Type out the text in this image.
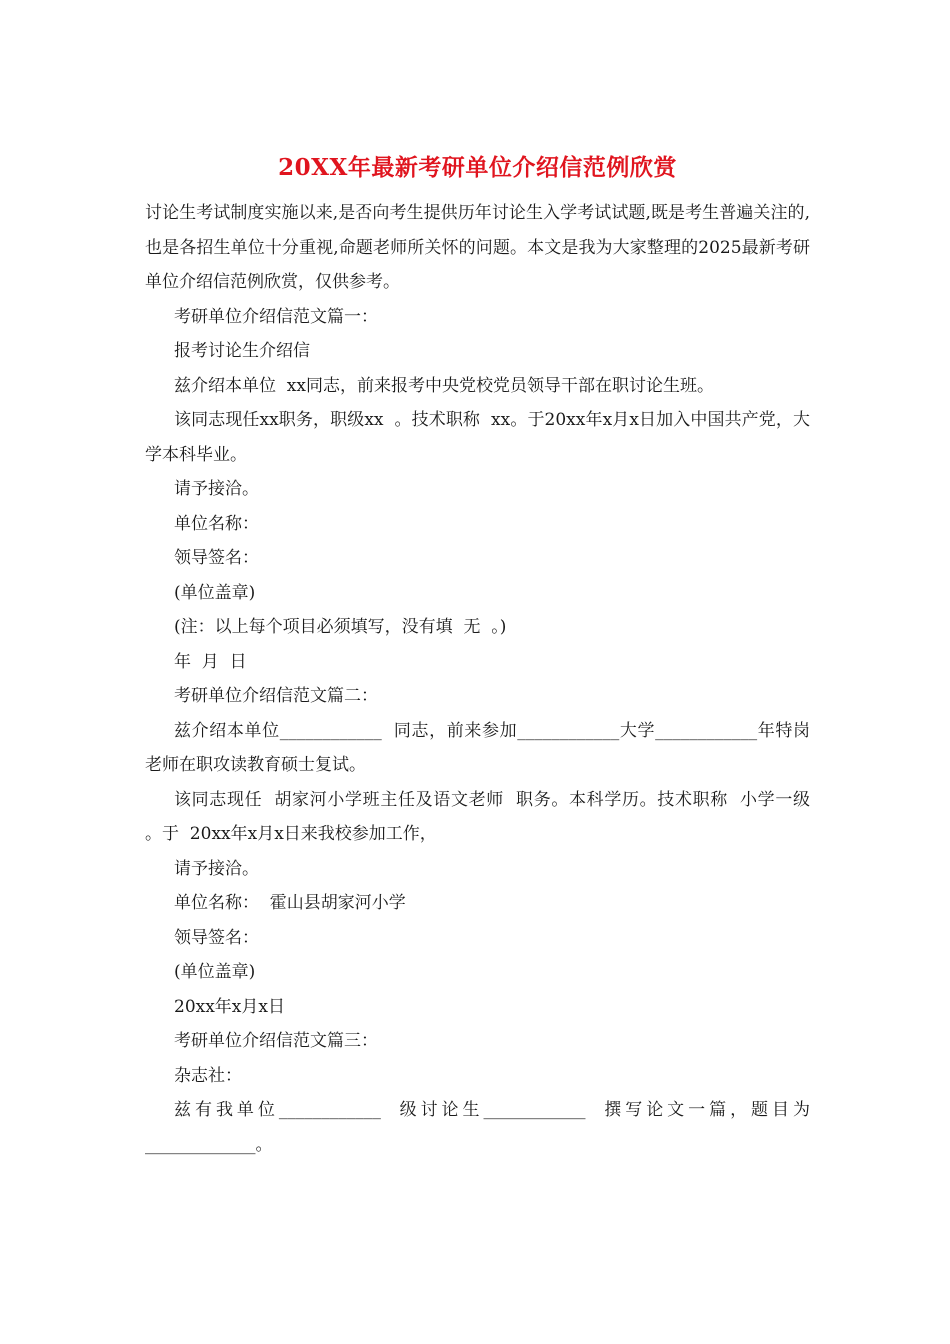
20XX年最新考研单位介绍信范例欣赏

讨论生考试制度实施以来,是否向考生提供历年讨论生入学考试试题,既是考生普遍关注的,也是各招生单位十分重视,命题老师所关怀的问题。本文是我为大家整理的2025最新考研单位介绍信范例欣赏，仅供参考。

考研单位介绍信范文篇一：

报考讨论生介绍信

兹介绍本单位  xx同志，前来报考中央党校党员领导干部在职讨论生班。

该同志现任xx职务，职级xx  。技术职称  xx。于20xx年x月x日加入中国共产党，大学本科毕业。

请予接洽。

单位名称：

领导签名：

(单位盖章)

(注：以上每个项目必须填写，没有填  无  。)

年  月  日

考研单位介绍信范文篇二：

兹介绍本单位____________  同志，前来参加____________大学____________年特岗老师在职攻读教育硕士复试。

该同志现任  胡家河小学班主任及语文老师  职务。本科学历。技术职称  小学一级  。于  20xx年x月x日来我校参加工作，

请予接洽。

单位名称：  霍山县胡家河小学

领导签名：

(单位盖章)

20xx年x月x日

考研单位介绍信范文篇三：

杂志社：

兹有我单位____________  级讨论生____________  撰写论文一篇，题目为  _____________。
